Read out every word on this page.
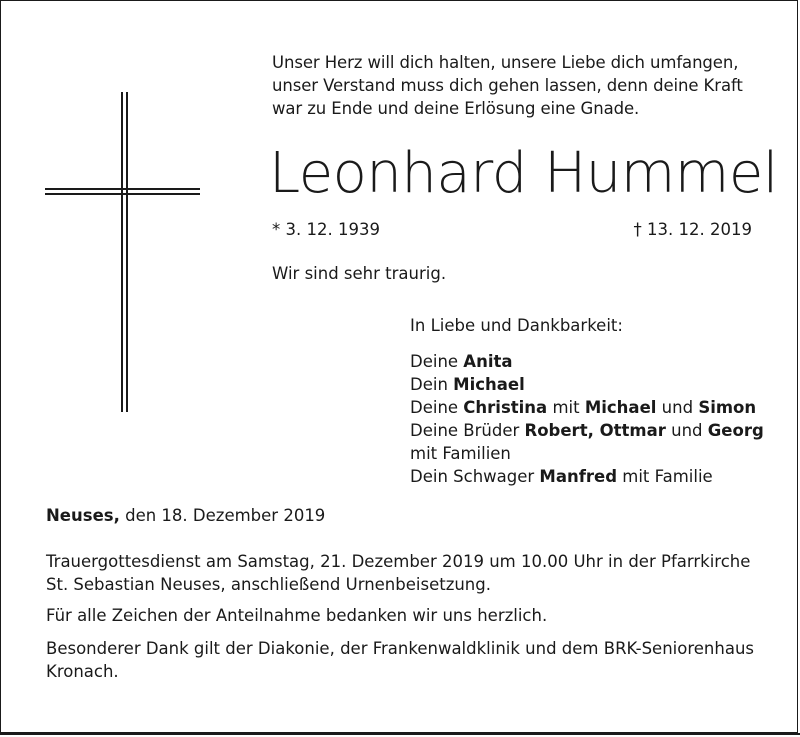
Unser Herz will dich halten, unsere Liebe dich umfangen,
unser Verstand muss dich gehen lassen, denn deine Kraft
war zu Ende und deine Erlösung eine Gnade.
Leonhard Hummel
* 3. 12. 1939	† 13. 12. 2019
Wir sind sehr traurig.
In Liebe und Dankbarkeit:
Deine Anita
Dein Michael
Deine Christina mit Michael und Simon
Deine Brüder Robert, Ottmar und Georg
mit Familien
Dein Schwager Manfred mit Familie
Neuses, den 18. Dezember 2019
Trauergottesdienst am Samstag, 21. Dezember 2019 um 10.00 Uhr in der Pfarrkirche
St. Sebastian Neuses, anschließend Urnenbeisetzung.
Für alle Zeichen der Anteilnahme bedanken wir uns herzlich.
Besonderer Dank gilt der Diakonie, der Frankenwaldklinik und dem BRK-Seniorenhaus
Kronach.
